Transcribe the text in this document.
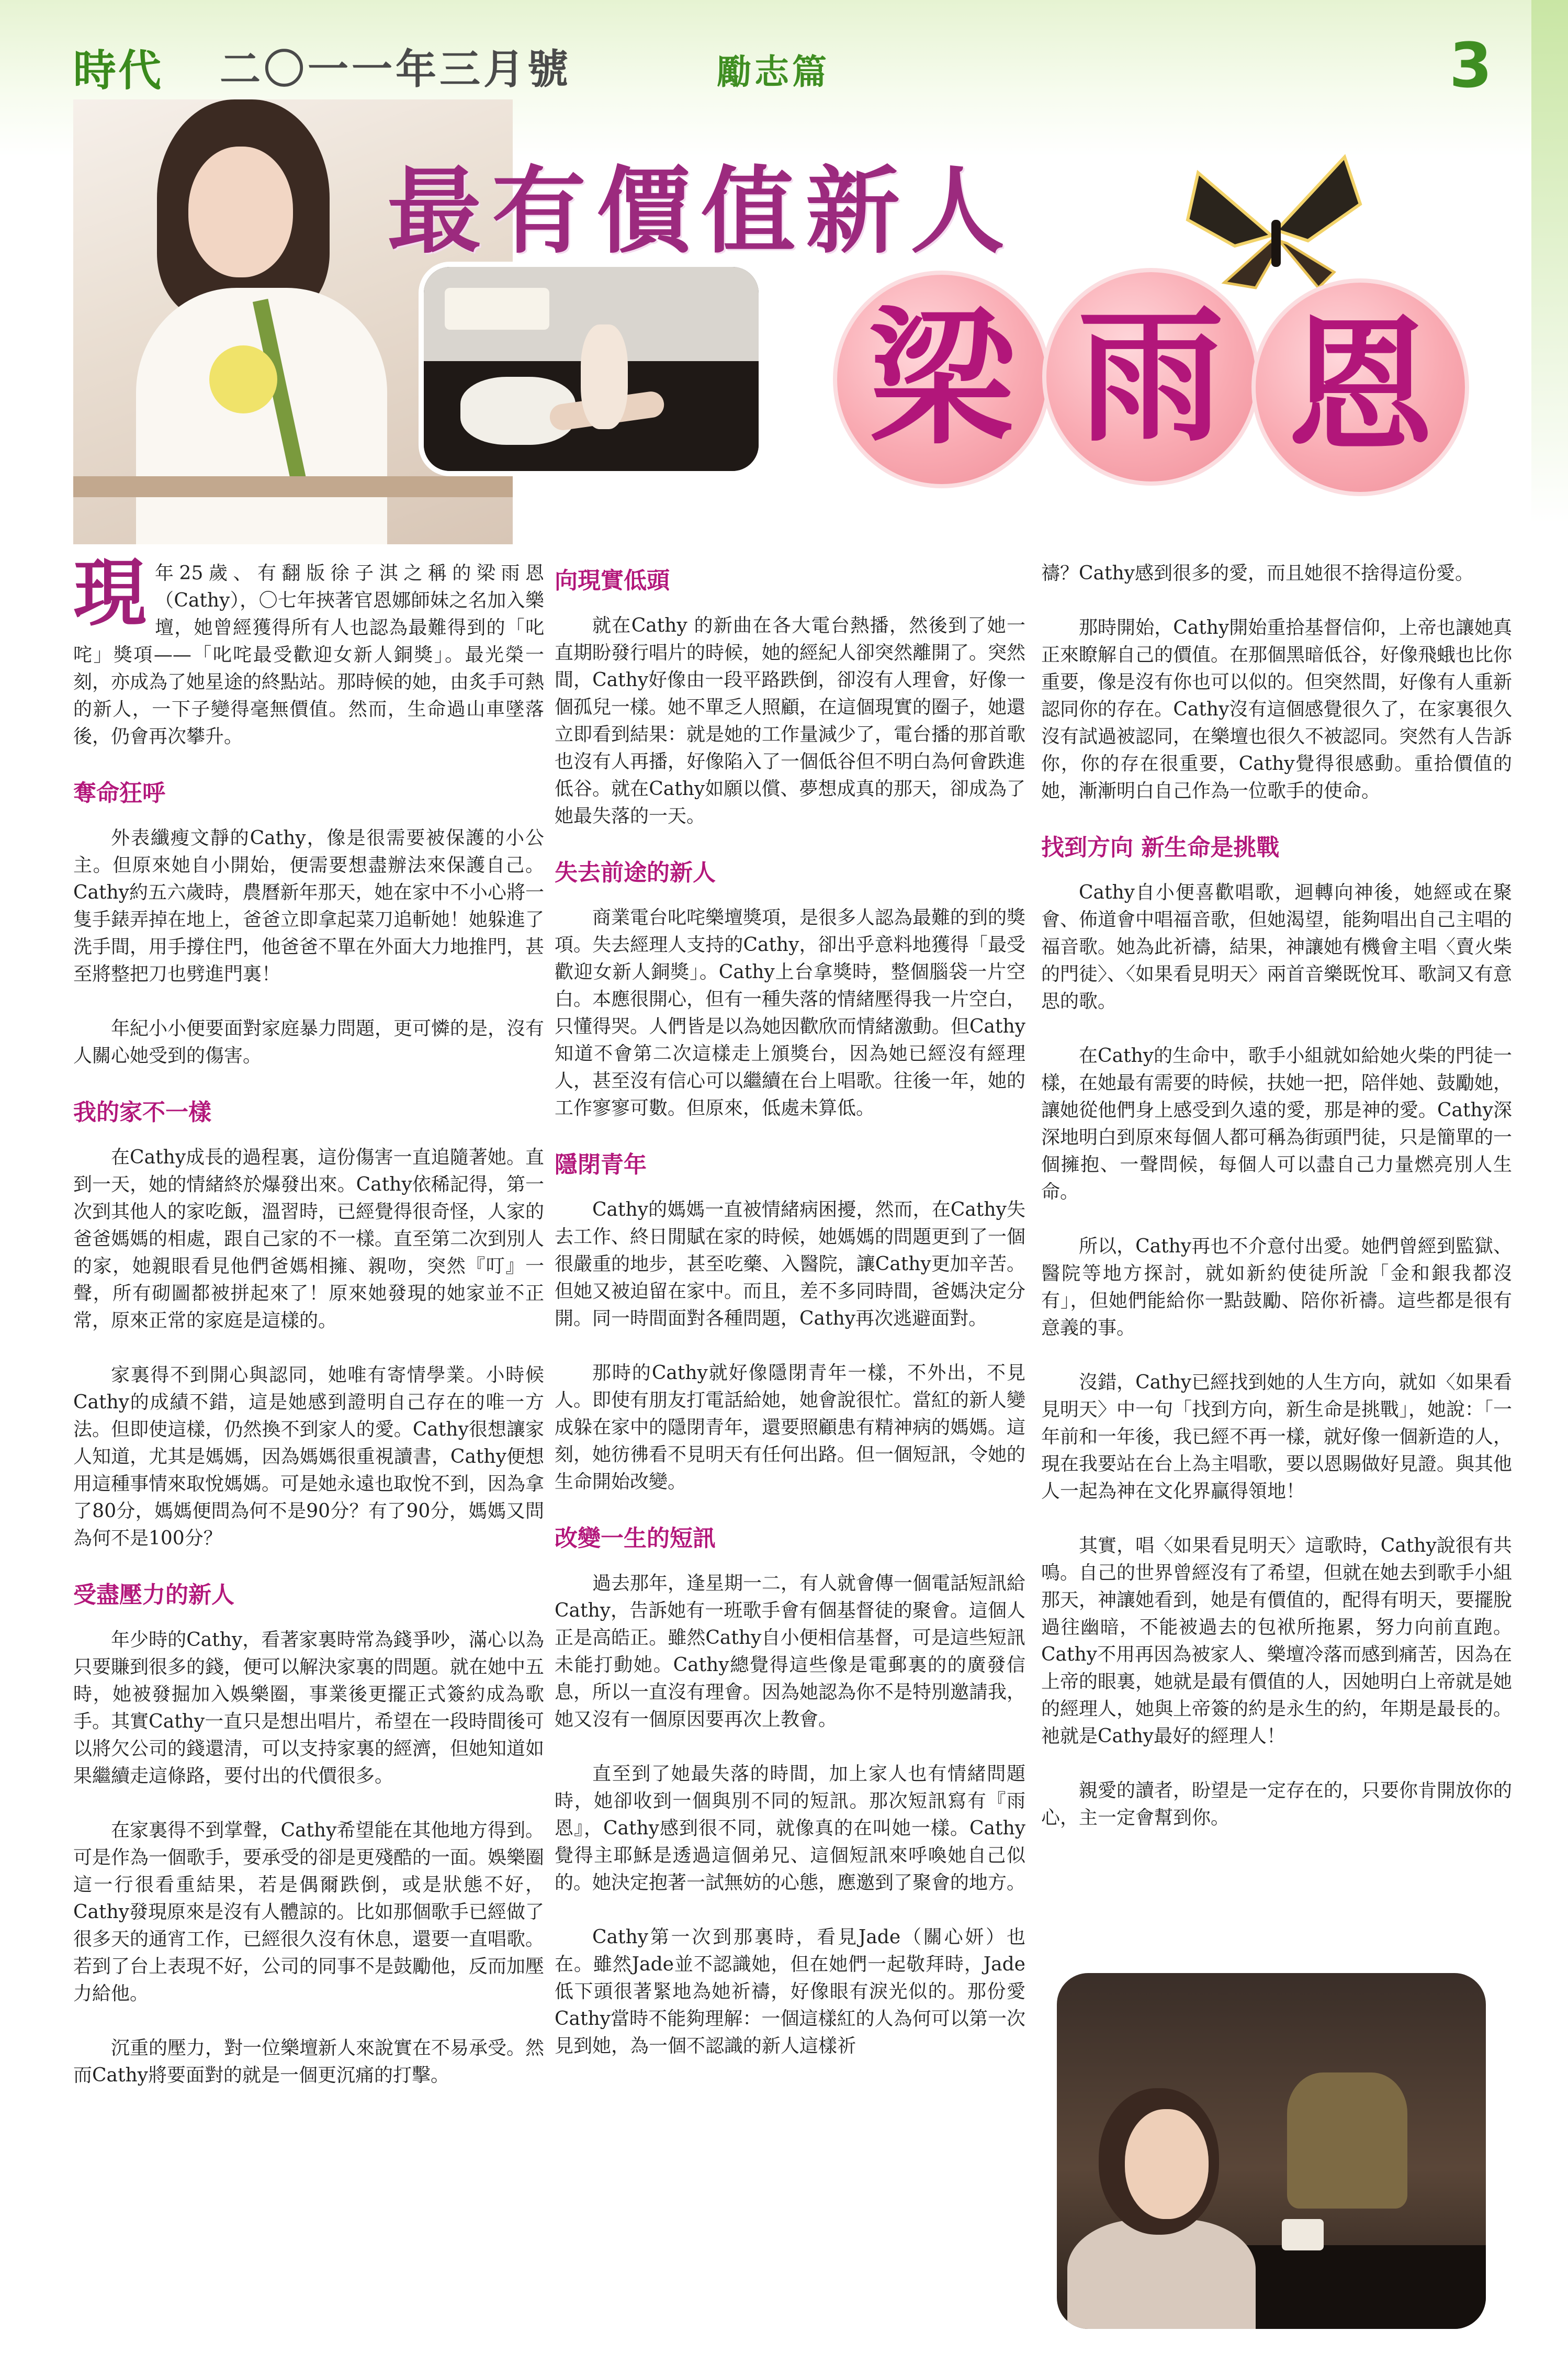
時代 二〇一一年三月號	勵志篇	3
最有價值新人
梁 雨 恩

現年25歲、有翻版徐子淇之稱的梁雨恩（Cathy），〇七年挾著官恩娜師妹之名加入樂壇，她曾經獲得所有人也認為最難得到的「叱咤」獎項——「叱咤最受歡迎女新人銅獎」。最光榮一刻，亦成為了她星途的終點站。那時候的她，由炙手可熱的新人，一下子變得毫無價值。然而，生命過山車墜落後，仍會再次攀升。

奪命狂呼

外表纖瘦文靜的Cathy，像是很需要被保護的小公主。但原來她自小開始，便需要想盡辦法來保護自己。Cathy約五六歲時，農曆新年那天，她在家中不小心將一隻手錶弄掉在地上，爸爸立即拿起菜刀追斬她！她躲進了洗手間，用手撐住門，他爸爸不單在外面大力地推門，甚至將整把刀也劈進門裏！

年紀小小便要面對家庭暴力問題，更可憐的是，沒有人關心她受到的傷害。

我的家不一樣

在Cathy成長的過程裏，這份傷害一直追隨著她。直到一天，她的情緒終於爆發出來。Cathy依稀記得，第一次到其他人的家吃飯，溫習時，已經覺得很奇怪，人家的爸爸媽媽的相處，跟自己家的不一樣。直至第二次到別人的家，她親眼看見他們爸媽相擁、親吻，突然『叮』一聲，所有砌圖都被拼起來了！原來她發現的她家並不正常，原來正常的家庭是這樣的。

家裏得不到開心與認同，她唯有寄情學業。小時候Cathy的成績不錯，這是她感到證明自己存在的唯一方法。但即使這樣，仍然換不到家人的愛。Cathy很想讓家人知道，尤其是媽媽，因為媽媽很重視讀書，Cathy便想用這種事情來取悅媽媽。可是她永遠也取悅不到，因為拿了80分，媽媽便問為何不是90分？有了90分，媽媽又問為何不是100分？

受盡壓力的新人

年少時的Cathy，看著家裏時常為錢爭吵，滿心以為只要賺到很多的錢，便可以解決家裏的問題。就在她中五時，她被發掘加入娛樂圈，事業後更擺正式簽約成為歌手。其實Cathy一直只是想出唱片，希望在一段時間後可以將欠公司的錢還清，可以支持家裏的經濟，但她知道如果繼續走這條路，要付出的代價很多。

在家裏得不到掌聲，Cathy希望能在其他地方得到。可是作為一個歌手，要承受的卻是更殘酷的一面。娛樂圈這一行很看重結果，若是偶爾跌倒，或是狀態不好，Cathy發現原來是沒有人體諒的。比如那個歌手已經做了很多天的通宵工作，已經很久沒有休息，還要一直唱歌。若到了台上表現不好，公司的同事不是鼓勵他，反而加壓力給他。

沉重的壓力，對一位樂壇新人來說實在不易承受。然而Cathy將要面對的就是一個更沉痛的打擊。

向現實低頭

就在Cathy 的新曲在各大電台熱播，然後到了她一直期盼發行唱片的時候，她的經紀人卻突然離開了。突然間，Cathy好像由一段平路跌倒，卻沒有人理會，好像一個孤兒一樣。她不單乏人照顧，在這個現實的圈子，她還立即看到結果：就是她的工作量減少了，電台播的那首歌也沒有人再播，好像陷入了一個低谷但不明白為何會跌進低谷。就在Cathy如願以償、夢想成真的那天，卻成為了她最失落的一天。

失去前途的新人

商業電台叱咤樂壇獎項，是很多人認為最難的到的獎項。失去經理人支持的Cathy，卻出乎意料地獲得「最受歡迎女新人銅獎」。Cathy上台拿獎時，整個腦袋一片空白。本應很開心，但有一種失落的情緒壓得我一片空白，只懂得哭。人們皆是以為她因歡欣而情緒激動。但Cathy知道不會第二次這樣走上頒獎台，因為她已經沒有經理人，甚至沒有信心可以繼續在台上唱歌。往後一年，她的工作寥寥可數。但原來，低處未算低。

隱閉青年

Cathy的媽媽一直被情緒病困擾，然而，在Cathy失去工作、終日閒賦在家的時候，她媽媽的問題更到了一個很嚴重的地步，甚至吃藥、入醫院，讓Cathy更加辛苦。但她又被迫留在家中。而且，差不多同時間，爸媽決定分開。同一時間面對各種問題，Cathy再次逃避面對。

那時的Cathy就好像隱閉青年一樣，不外出，不見人。即使有朋友打電話給她，她會說很忙。當紅的新人變成躲在家中的隱閉青年，還要照顧患有精神病的媽媽。這刻，她彷彿看不見明天有任何出路。但一個短訊，令她的生命開始改變。

改變一生的短訊

過去那年，逢星期一二，有人就會傳一個電話短訊給Cathy，告訴她有一班歌手會有個基督徒的聚會。這個人正是高皓正。雖然Cathy自小便相信基督，可是這些短訊未能打動她。Cathy總覺得這些像是電郵裏的的廣發信息，所以一直沒有理會。因為她認為你不是特別邀請我，她又沒有一個原因要再次上教會。

直至到了她最失落的時間，加上家人也有情緒問題時，她卻收到一個與別不同的短訊。那次短訊寫有『雨恩』，Cathy感到很不同，就像真的在叫她一樣。Cathy覺得主耶穌是透過這個弟兄、這個短訊來呼喚她自己似的。她決定抱著一試無妨的心態，應邀到了聚會的地方。

Cathy第一次到那裏時，看見Jade（關心妍）也在。雖然Jade並不認識她，但在她們一起敬拜時，Jade低下頭很著緊地為她祈禱，好像眼有淚光似的。那份愛Cathy當時不能夠理解：一個這樣紅的人為何可以第一次見到她，為一個不認識的新人這樣祈

禱？Cathy感到很多的愛，而且她很不捨得這份愛。

那時開始，Cathy開始重拾基督信仰，上帝也讓她真正來瞭解自己的價值。在那個黑暗低谷，好像飛蛾也比你重要，像是沒有你也可以似的。但突然間，好像有人重新認同你的存在。Cathy沒有這個感覺很久了，在家裏很久沒有試過被認同，在樂壇也很久不被認同。突然有人告訴你，你的存在很重要，Cathy覺得很感動。重拾價值的她，漸漸明白自己作為一位歌手的使命。

找到方向 新生命是挑戰

Cathy自小便喜歡唱歌，迴轉向神後，她經或在聚會、佈道會中唱福音歌，但她渴望，能夠唱出自己主唱的福音歌。她為此祈禱，結果，神讓她有機會主唱〈賣火柴的門徒〉、〈如果看見明天〉兩首音樂既悅耳、歌詞又有意思的歌。

在Cathy的生命中，歌手小組就如給她火柴的門徒一樣，在她最有需要的時候，扶她一把，陪伴她、鼓勵她，讓她從他們身上感受到久遠的愛，那是神的愛。Cathy深深地明白到原來每個人都可稱為街頭門徒，只是簡單的一個擁抱、一聲問候，每個人可以盡自己力量燃亮別人生命。

所以，Cathy再也不介意付出愛。她們曾經到監獄、醫院等地方探討，就如新約使徒所說「金和銀我都沒有」，但她們能給你一點鼓勵、陪你祈禱。這些都是很有意義的事。

沒錯，Cathy已經找到她的人生方向，就如〈如果看見明天〉中一句「找到方向，新生命是挑戰」，她說：「一年前和一年後，我已經不再一樣，就好像一個新造的人，現在我要站在台上為主唱歌，要以恩賜做好見證。與其他人一起為神在文化界贏得領地！

其實，唱〈如果看見明天〉這歌時，Cathy說很有共鳴。自己的世界曾經沒有了希望，但就在她去到歌手小組那天，神讓她看到，她是有價值的，配得有明天，要擺脫過往幽暗，不能被過去的包袱所拖累，努力向前直跑。Cathy不用再因為被家人、樂壇冷落而感到痛苦，因為在上帝的眼裏，她就是最有價值的人，因她明白上帝就是她的經理人，她與上帝簽的約是永生的約，年期是最長的。祂就是Cathy最好的經理人！

親愛的讀者，盼望是一定存在的，只要你肯開放你的心，主一定會幫到你。
